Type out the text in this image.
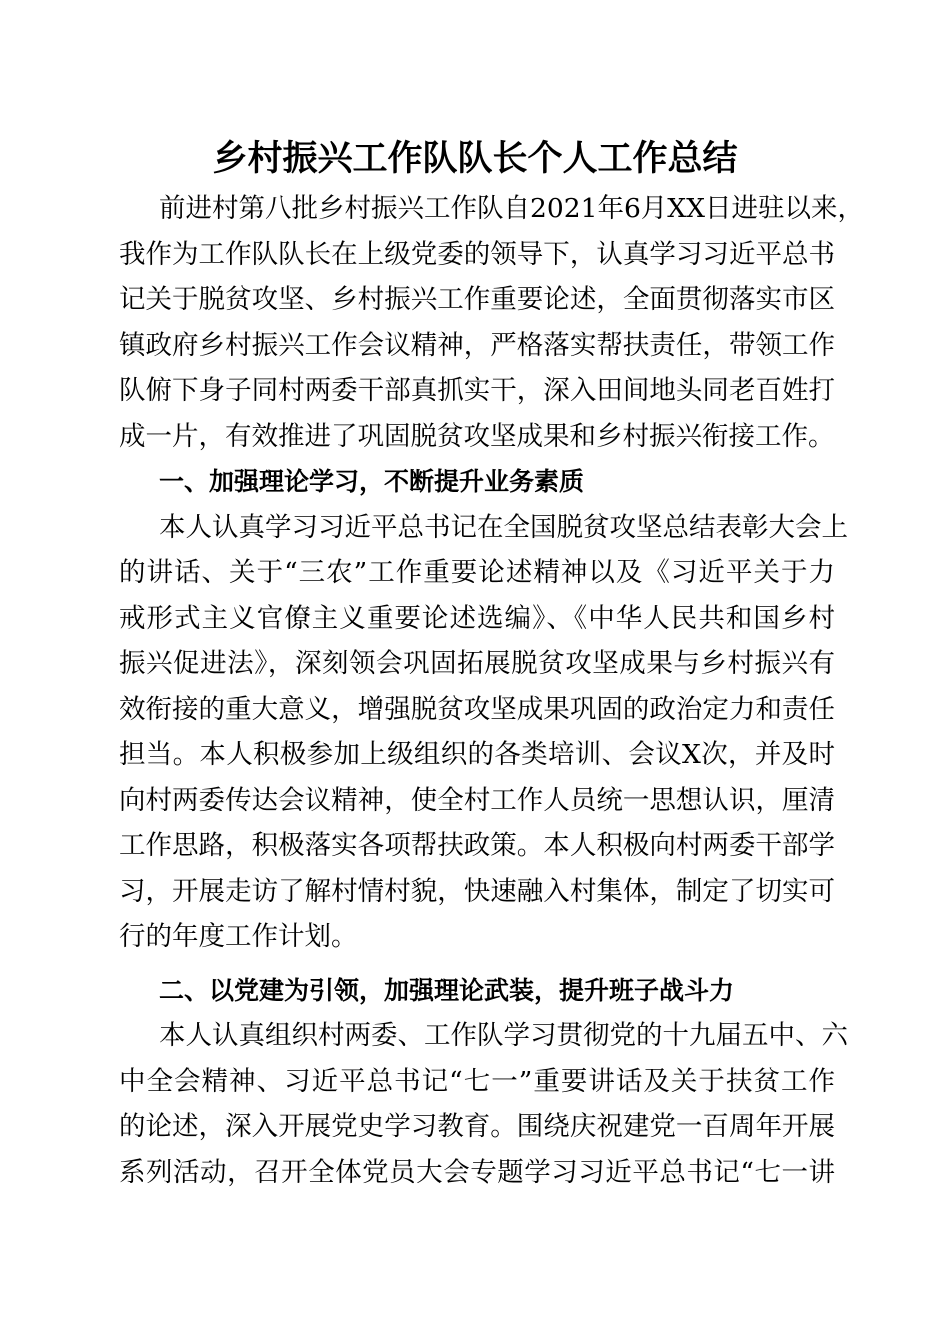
乡村振兴工作队队长个人工作总结
前进村第八批乡村振兴工作队自2021年6月XX日进驻以来，
我作为工作队队长在上级党委的领导下，认真学习习近平总书
记关于脱贫攻坚、乡村振兴工作重要论述，全面贯彻落实市区
镇政府乡村振兴工作会议精神，严格落实帮扶责任，带领工作
队俯下身子同村两委干部真抓实干，深入田间地头同老百姓打
成一片，有效推进了巩固脱贫攻坚成果和乡村振兴衔接工作。
一、加强理论学习，不断提升业务素质
本人认真学习习近平总书记在全国脱贫攻坚总结表彰大会上
的讲话、关于“三农”工作重要论述精神以及《习近平关于力
戒形式主义官僚主义重要论述选编》、《中华人民共和国乡村
振兴促进法》，深刻领会巩固拓展脱贫攻坚成果与乡村振兴有
效衔接的重大意义，增强脱贫攻坚成果巩固的政治定力和责任
担当。本人积极参加上级组织的各类培训、会议X次，并及时
向村两委传达会议精神，使全村工作人员统一思想认识，厘清
工作思路，积极落实各项帮扶政策。本人积极向村两委干部学
习，开展走访了解村情村貌，快速融入村集体，制定了切实可
行的年度工作计划。
二、以党建为引领，加强理论武装，提升班子战斗力
本人认真组织村两委、工作队学习贯彻党的十九届五中、六
中全会精神、习近平总书记“七一”重要讲话及关于扶贫工作
的论述，深入开展党史学习教育。围绕庆祝建党一百周年开展
系列活动，召开全体党员大会专题学习习近平总书记“七一讲
